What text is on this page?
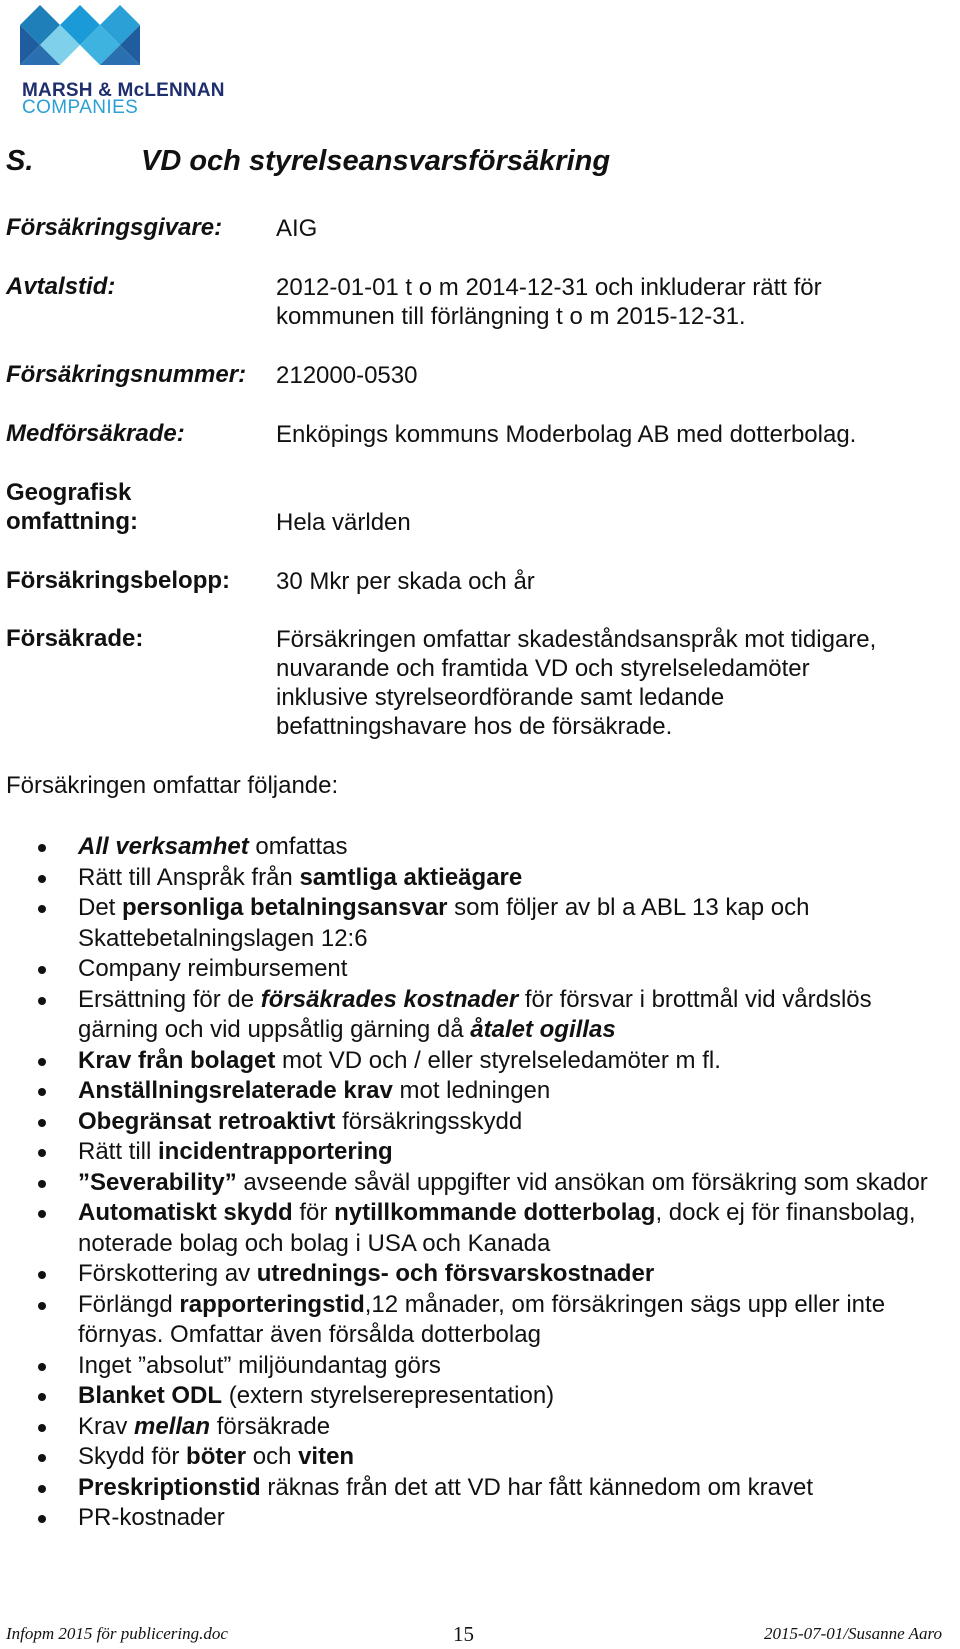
MARSH & McLENNAN
COMPANIES
S.	VD och styrelseansvarsförsäkring
Försäkringsgivare: AIG
Avtalstid:	2012-01-01 t o m 2014-12-31 och inkluderar rätt för
kommunen till förlängning t o m 2015-12-31.
Försäkringsnummer: 212000-0530
Medförsäkrade:	Enköpings kommuns Moderbolag AB med dotterbolag.
Geografisk
omfattning:	Hela världen
Försäkringsbelopp: 30 Mkr per skada och år
Försäkrade:	Försäkringen omfattar skadeståndsanspråk mot tidigare,
nuvarande och framtida VD och styrelseledamöter
inklusive styrelseordförande samt ledande
befattningshavare hos de försäkrade.
Försäkringen omfattar följande:
All verksamhet omfattas
Rätt till Anspråk från samtliga aktieägare
Det personliga betalningsansvar som följer av bl a ABL 13 kap och Skattebetalningslagen 12:6
Company reimbursement
Ersättning för de försäkrades kostnader för försvar i brottmål vid vårdslös gärning och vid uppsåtlig gärning då åtalet ogillas
Krav från bolaget mot VD och / eller styrelseledamöter m fl.
Anställningsrelaterade krav mot ledningen
Obegränsat retroaktivt försäkringsskydd
Rätt till incidentrapportering
”Severability” avseende såväl uppgifter vid ansökan om försäkring som skador
Automatiskt skydd för nytillkommande dotterbolag, dock ej för finansbolag, noterade bolag och bolag i USA och Kanada
Förskottering av utrednings- och försvarskostnader
Förlängd rapporteringstid,12 månader, om försäkringen sägs upp eller inte förnyas. Omfattar även försålda dotterbolag
Inget ”absolut” miljöundantag görs
Blanket ODL (extern styrelserepresentation)
Krav mellan försäkrade
Skydd för böter och viten
Preskriptionstid räknas från det att VD har fått kännedom om kravet
PR-kostnader
Infopm 2015 för publicering.doc	15	2015-07-01/Susanne Aaro
